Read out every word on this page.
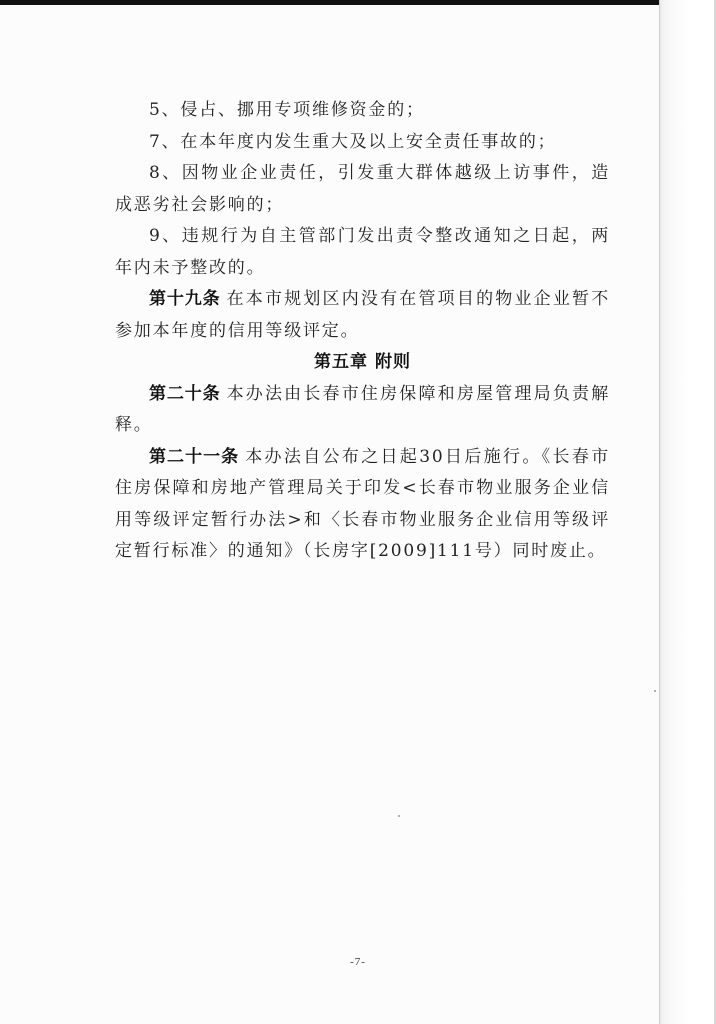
5、侵占、挪用专项维修资金的；

7、在本年度内发生重大及以上安全责任事故的；

8、因物业企业责任，引发重大群体越级上访事件，造成恶劣社会影响的；

9、违规行为自主管部门发出责令整改通知之日起，两年内未予整改的。

第十九条 在本市规划区内没有在管项目的物业企业暂不参加本年度的信用等级评定。

第五章 附则

第二十条 本办法由长春市住房保障和房屋管理局负责解释。

第二十一条 本办法自公布之日起30日后施行。《长春市住房保障和房地产管理局关于印发<长春市物业服务企业信用等级评定暂行办法>和〈长春市物业服务企业信用等级评定暂行标准〉的通知》（长房字[2009]111号）同时废止。

-7-
